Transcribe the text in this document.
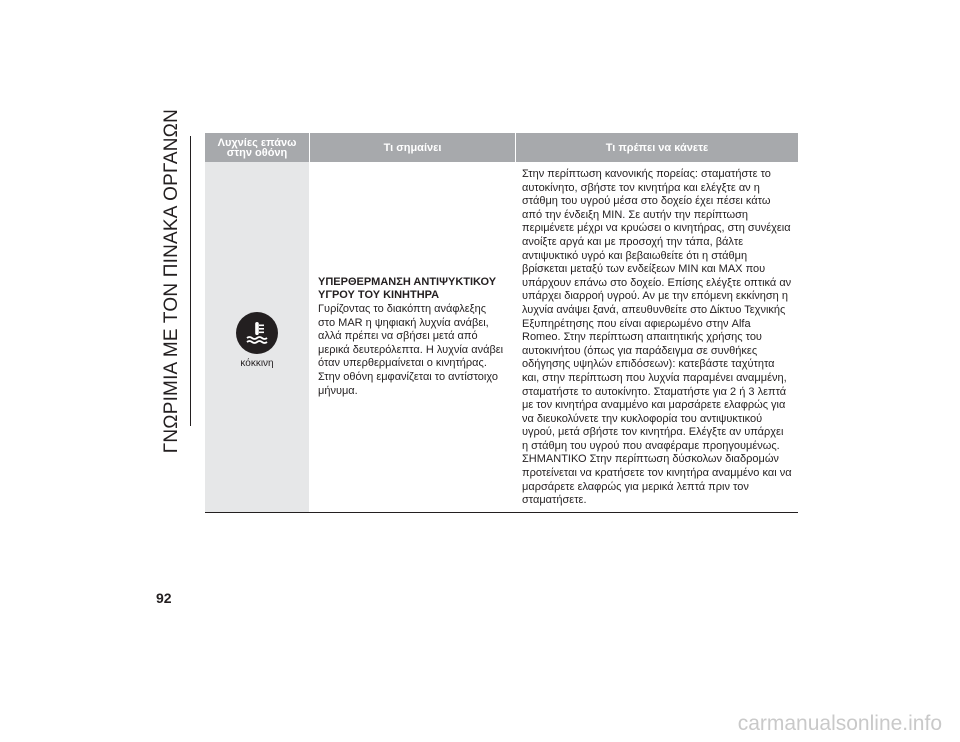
ΓΝΩΡΙΜΙΑ ΜΕ ΤΟΝ ΠΙΝΑΚΑ ΟΡΓΑΝΩΝ
92
Λυχνίες επάνω στην οθόνη	Τι σημαίνει	Τι πρέπει να κάνετε
κόκκινη
ΥΠΕΡΘΕΡΜΑΝΣΗ ΑΝΤΙΨΥΚΤΙΚΟΥ ΥΓΡΟΥ ΤΟΥ ΚΙΝΗΤΗΡΑ
Γυρίζοντας το διακόπτη ανάφλεξης στο MAR η ψηφιακή λυχνία ανάβει, αλλά πρέπει να σβήσει μετά από μερικά δευτερόλεπτα. Η λυχνία ανάβει όταν υπερθερμαίνεται ο κινητήρας. Στην οθόνη εμφανίζεται το αντίστοιχο μήνυμα.
Στην περίπτωση κανονικής πορείας: σταματήστε το αυτοκίνητο, σβήστε τον κινητήρα και ελέγξτε αν η στάθμη του υγρού μέσα στο δοχείο έχει πέσει κάτω από την ένδειξη MIN. Σε αυτήν την περίπτωση περιμένετε μέχρι να κρυώσει ο κινητήρας, στη συνέχεια ανοίξτε αργά και με προσοχή την τάπα, βάλτε αντιψυκτικό υγρό και βεβαιωθείτε ότι η στάθμη βρίσκεται μεταξύ των ενδείξεων MIN και MAX που υπάρχουν επάνω στο δοχείο. Επίσης ελέγξτε οπτικά αν υπάρχει διαρροή υγρού. Αν με την επόμενη εκκίνηση η λυχνία ανάψει ξανά, απευθυνθείτε στο Δίκτυο Τεχνικής Εξυπηρέτησης που είναι αφιερωμένο στην Alfa Romeo. Στην περίπτωση απαιτητικής χρήσης του αυτοκινήτου (όπως για παράδειγμα σε συνθήκες οδήγησης υψηλών επιδόσεων): κατεβάστε ταχύτητα και, στην περίπτωση που λυχνία παραμένει αναμμένη, σταματήστε το αυτοκίνητο. Σταματήστε για 2 ή 3 λεπτά με τον κινητήρα αναμμένο και μαρσάρετε ελαφρώς για να διευκολύνετε την κυκλοφορία του αντιψυκτικού υγρού, μετά σβήστε τον κινητήρα. Ελέγξτε αν υπάρχει η στάθμη του υγρού που αναφέραμε προηγουμένως. ΣΗΜΑΝΤΙΚΟ Στην περίπτωση δύσκολων διαδρομών προτείνεται να κρατήσετε τον κινητήρα αναμμένο και να μαρσάρετε ελαφρώς για μερικά λεπτά πριν τον σταματήσετε.
carmanualsonline.info
